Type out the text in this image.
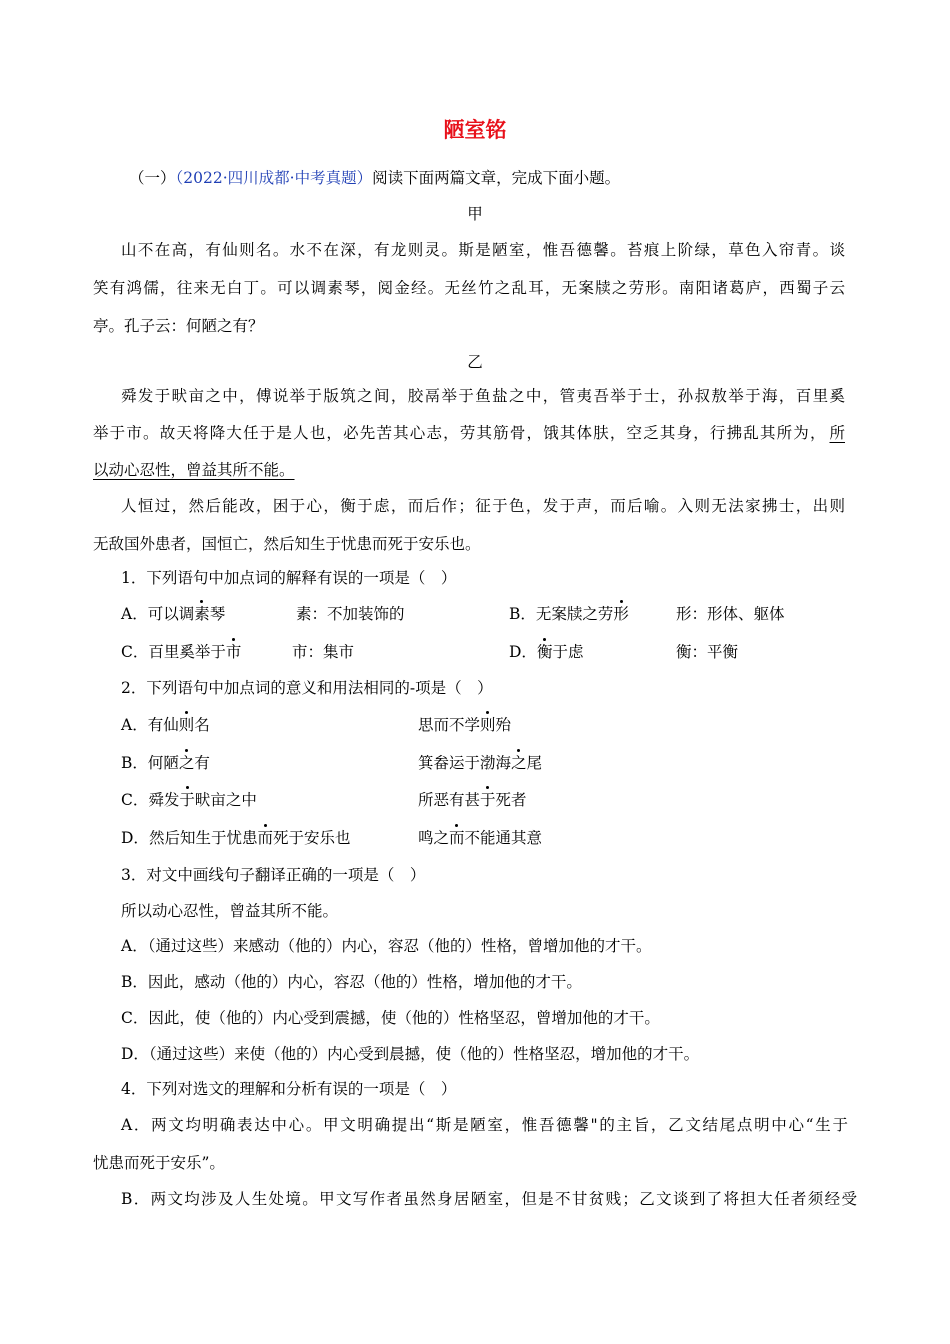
陋室铭
（一）（2022·四川成都·中考真题）阅读下面两篇文章，完成下面小题。
甲
山不在高，有仙则名。水不在深，有龙则灵。斯是陋室，惟吾德馨。苔痕上阶绿，草色入帘青。谈
笑有鸿儒，往来无白丁。可以调素琴，阅金经。无丝竹之乱耳，无案牍之劳形。南阳诸葛庐，西蜀子云
亭。孔子云：何陋之有？
乙
舜发于畎亩之中，傅说举于版筑之间，胶鬲举于鱼盐之中，管夷吾举于士，孙叔敖举于海，百里奚
举于市。故天将降大任于是人也，必先苦其心志，劳其筋骨，饿其体肤，空乏其身，行拂乱其所为， 所
以动心忍性，曾益其所不能。
人恒过，然后能改，困于心，衡于虑，而后作；征于色，发于声，而后喻。入则无法家拂士，出则
无敌国外患者，国恒亡，然后知生于忧患而死于安乐也。
1．下列语句中加点词的解释有误的一项是（　）
A．可以调素琴	素：不加装饰的	B．无案牍之劳形	形：形体、躯体
C．百里奚举于市	市：集市	D．衡于虑	衡：平衡
2．下列语句中加点词的意义和用法相同的-项是（　）
A．有仙则名	思而不学则殆
B．何陋之有	箕畚运于渤海之尾
C．舜发于畎亩之中	所恶有甚于死者
D．然后知生于忧患而死于安乐也	鸣之而不能通其意
3．对文中画线句子翻译正确的一项是（　）
所以动心忍性，曾益其所不能。
A．（通过这些）来感动（他的）内心，容忍（他的）性格，曾增加他的才干。
B．因此，感动（他的）内心，容忍（他的）性格，增加他的才干。
C．因此，使（他的）内心受到震撼，使（他的）性格坚忍，曾增加他的才干。
D．（通过这些）来使（他的）内心受到晨撼，使（他的）性格坚忍，增加他的才干。
4．下列对选文的理解和分析有误的一项是（　）
A．两文均明确表达中心。甲文明确提出“斯是陋室，惟吾德馨"的主旨，乙文结尾点明中心“生于
忧患而死于安乐”。
B．两文均涉及人生处境。甲文写作者虽然身居陋室，但是不甘贫贱；乙文谈到了将担大任者须经受
